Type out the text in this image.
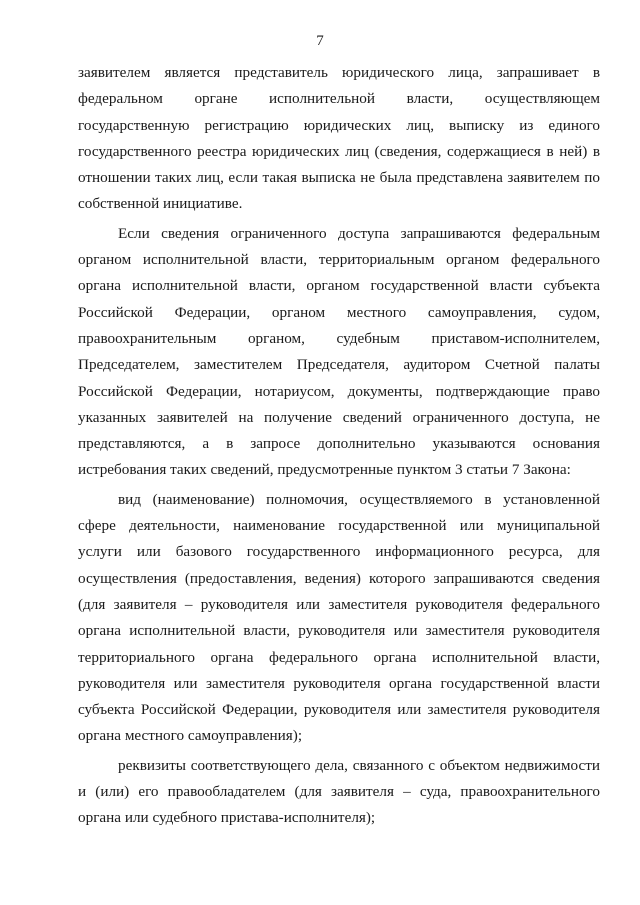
7
заявителем является представитель юридического лица, запрашивает в
федеральном органе исполнительной власти, осуществляющем
государственную регистрацию юридических лиц, выписку из единого
государственного реестра юридических лиц (сведения, содержащиеся в ней) в
отношении таких лиц, если такая выписка не была представлена заявителем по
собственной инициативе.
Если сведения ограниченного доступа запрашиваются федеральным
органом исполнительной власти, территориальным органом федерального
органа исполнительной власти, органом государственной власти субъекта
Российской Федерации, органом местного самоуправления, судом,
правоохранительным органом, судебным приставом-исполнителем,
Председателем, заместителем Председателя, аудитором Счетной палаты
Российской Федерации, нотариусом, документы, подтверждающие право
указанных заявителей на получение сведений ограниченного доступа, не
представляются, а в запросе дополнительно указываются основания
истребования таких сведений, предусмотренные пунктом 3 статьи 7 Закона:
вид (наименование) полномочия, осуществляемого в установленной
сфере деятельности, наименование государственной или муниципальной
услуги или базового государственного информационного ресурса, для
осуществления (предоставления, ведения) которого запрашиваются сведения
(для заявителя – руководителя или заместителя руководителя федерального
органа исполнительной власти, руководителя или заместителя руководителя
территориального органа федерального органа исполнительной власти,
руководителя или заместителя руководителя органа государственной власти
субъекта Российской Федерации, руководителя или заместителя руководителя
органа местного самоуправления);
реквизиты соответствующего дела, связанного с объектом недвижимости
и (или) его правообладателем (для заявителя – суда, правоохранительного
органа или судебного пристава-исполнителя);
